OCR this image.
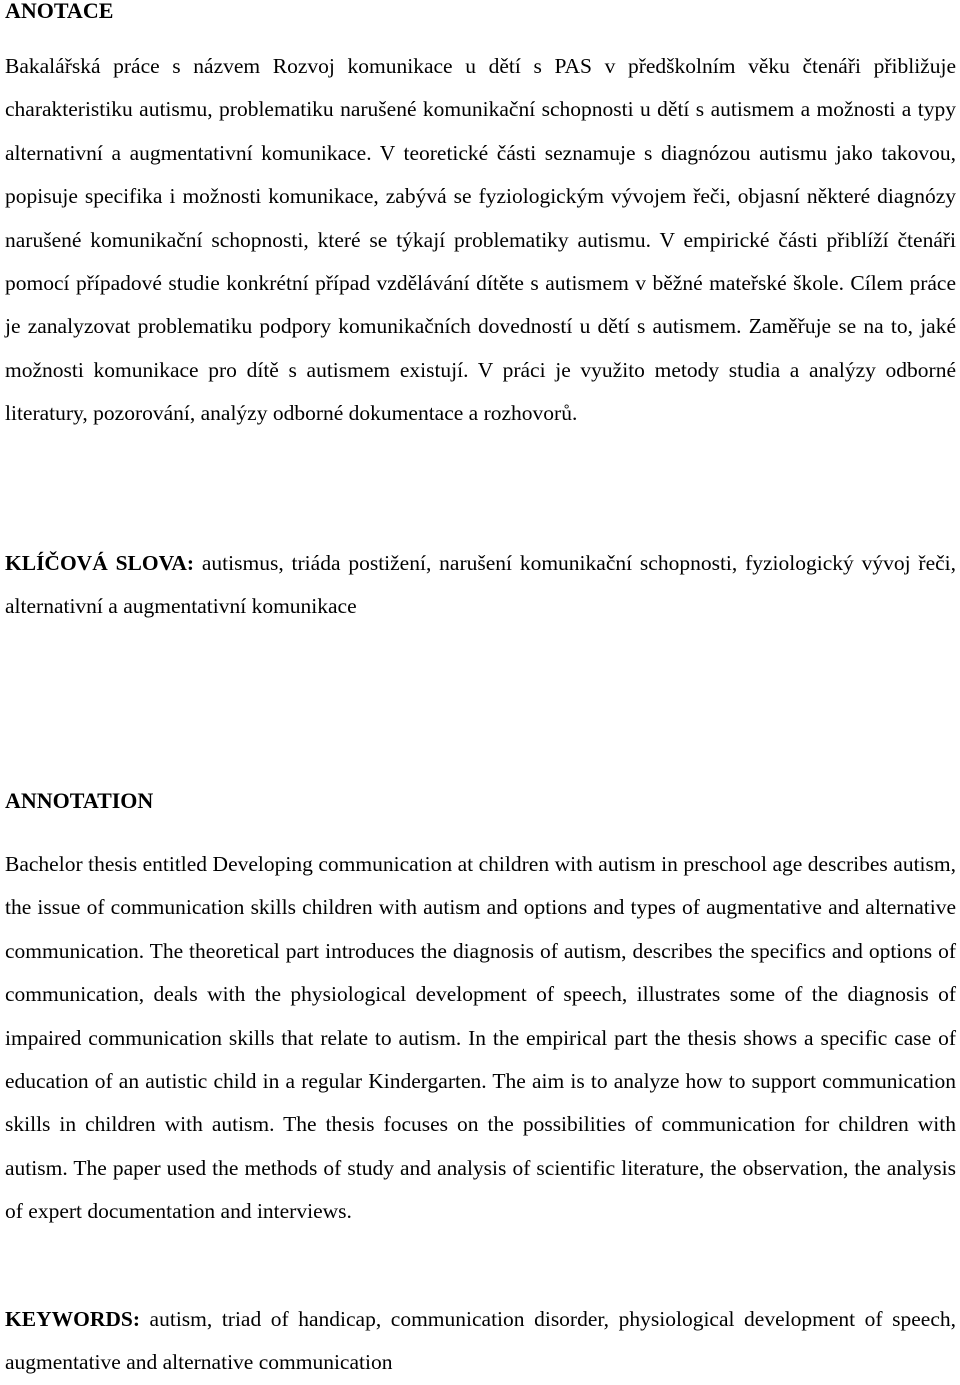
ANOTACE

Bakalářská práce s názvem Rozvoj komunikace u dětí s PAS v předškolním věku čtenáři přibližuje charakteristiku autismu, problematiku narušené komunikační schopnosti u dětí s autismem a možnosti a typy alternativní a augmentativní komunikace. V teoretické části seznamuje s diagnózou autismu jako takovou, popisuje specifika i možnosti komunikace, zabývá se fyziologickým vývojem řeči, objasní některé diagnózy narušené komunikační schopnosti, které se týkají problematiky autismu. V empirické části přiblíží čtenáři pomocí případové studie konkrétní případ vzdělávání dítěte s autismem v běžné mateřské škole. Cílem práce je zanalyzovat problematiku podpory komunikačních dovedností u dětí s autismem. Zaměřuje se na to, jaké možnosti komunikace pro dítě s autismem existují. V práci je využito metody studia a analýzy odborné literatury, pozorování, analýzy odborné dokumentace a rozhovorů.

KLÍČOVÁ SLOVA: autismus, triáda postižení, narušení komunikační schopnosti, fyziologický vývoj řeči, alternativní a augmentativní komunikace

ANNOTATION

Bachelor thesis entitled Developing communication at children with autism in preschool age describes autism, the issue of communication skills children with autism and options and types of augmentative and alternative communication. The theoretical part introduces the diagnosis of autism, describes the specifics and options of communication, deals with the physiological development of speech, illustrates some of the diagnosis of impaired communication skills that relate to autism. In the empirical part the thesis shows a specific case of education of an autistic child in a regular Kindergarten. The aim is to analyze how to support communication skills in children with autism. The thesis focuses on the possibilities of communication for children with autism. The paper used the methods of study and analysis of scientific literature, the observation, the analysis of expert documentation and interviews.

KEYWORDS: autism, triad of handicap, communication disorder, physiological development of speech, augmentative and alternative communication
